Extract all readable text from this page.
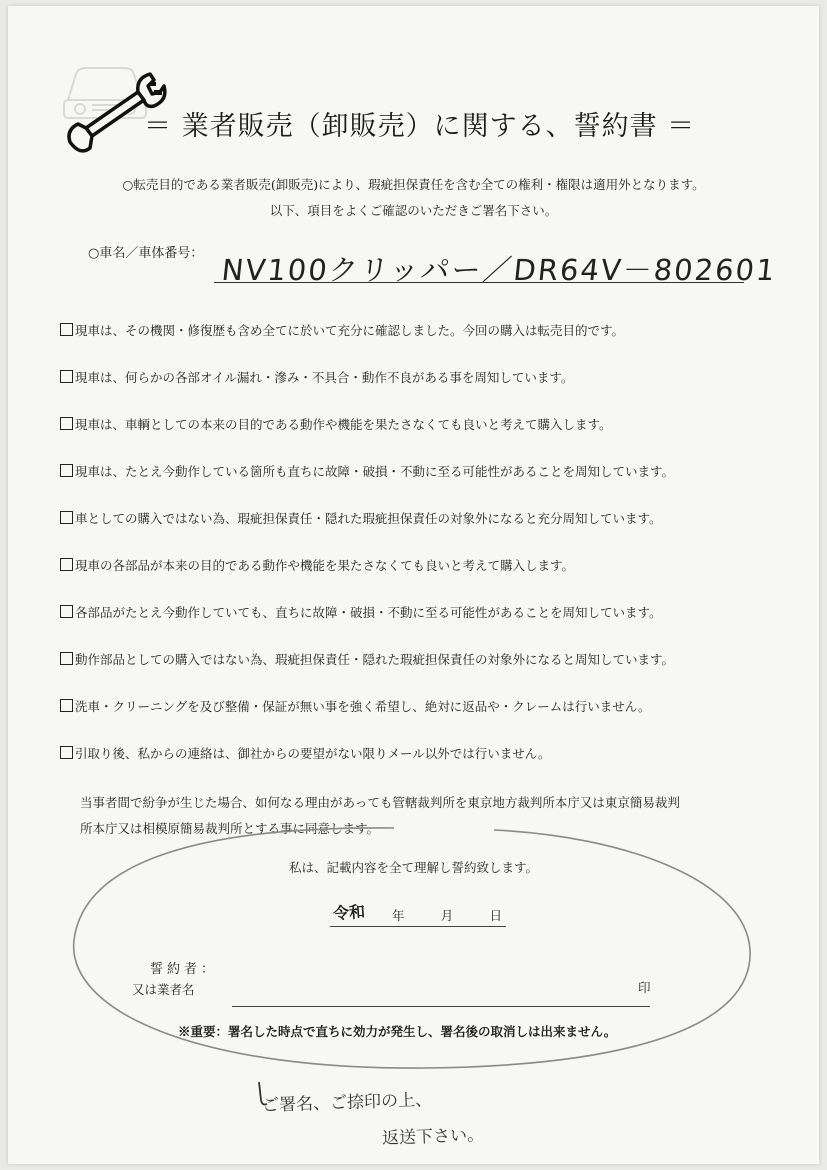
＝ 業者販売（卸販売）に関する、誓約書 ＝

○転売目的である業者販売(卸販売)により、瑕疵担保責任を含む全ての権利・権限は適用外となります。

以下、項目をよくご確認のいただきご署名下さい。

○車名／車体番号： NV100クリッパー／DR64V－802601
現車は、その機関・修復歴も含め全てに於いて充分に確認しました。今回の購入は転売目的です。
現車は、何らかの各部オイル漏れ・滲み・不具合・動作不良がある事を周知しています。
現車は、車輌としての本来の目的である動作や機能を果たさなくても良いと考えて購入します。
現車は、たとえ今動作している箇所も直ちに故障・破損・不動に至る可能性があることを周知しています。
車としての購入ではない為、瑕疵担保責任・隠れた瑕疵担保責任の対象外になると充分周知しています。
現車の各部品が本来の目的である動作や機能を果たさなくても良いと考えて購入します。
各部品がたとえ今動作していても、直ちに故障・破損・不動に至る可能性があることを周知しています。
動作部品としての購入ではない為、瑕疵担保責任・隠れた瑕疵担保責任の対象外になると周知しています。
洗車・クリーニングを及び整備・保証が無い事を強く希望し、絶対に返品や・クレームは行いません。
引取り後、私からの連絡は、御社からの要望がない限りメール以外では行いません。
当事者間で紛争が生じた場合、如何なる理由があっても管轄裁判所を東京地方裁判所本庁又は東京簡易裁判
所本庁又は相模原簡易裁判所とする事に同意します。
私は、記載内容を全て理解し誓約致します。
令和 年	月	日
誓約者：
又は業者名	印
※重要：署名した時点で直ちに効力が発生し、署名後の取消しは出来ません。
ご署名、ご捺印の上、
返送下さい。
